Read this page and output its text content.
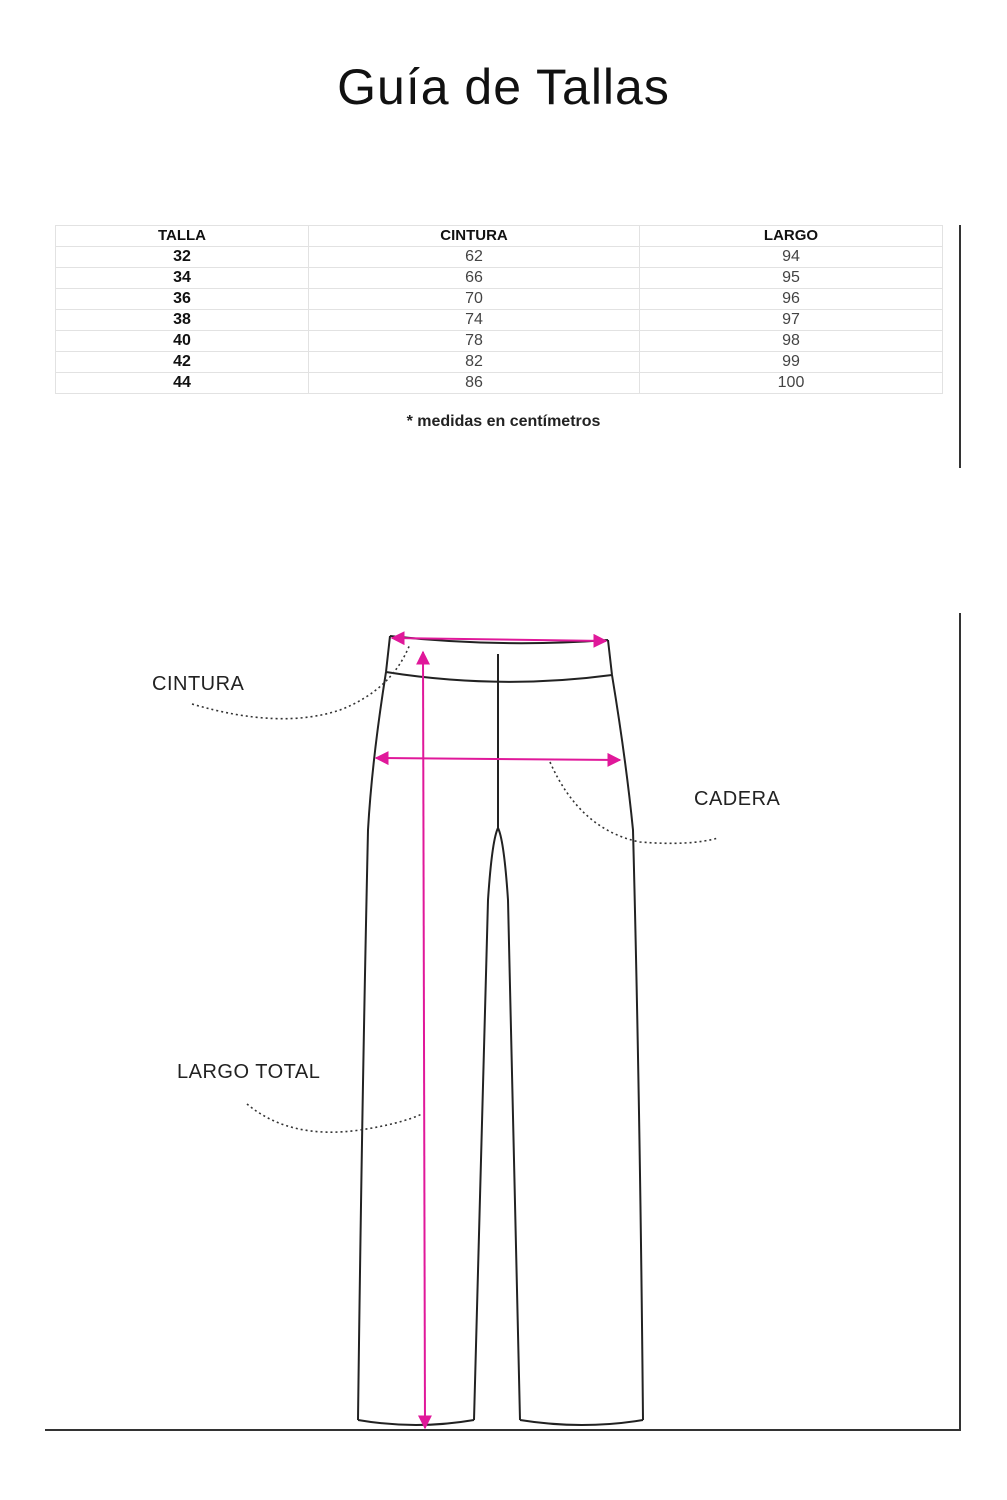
Guía de Tallas
TALLA	CINTURA	LARGO
32	62	94
34	66	95
36	70	96
38	74	97
40	78	98
42	82	99
44	86	100
* medidas en centímetros
CINTURA
CADERA
LARGO TOTAL
